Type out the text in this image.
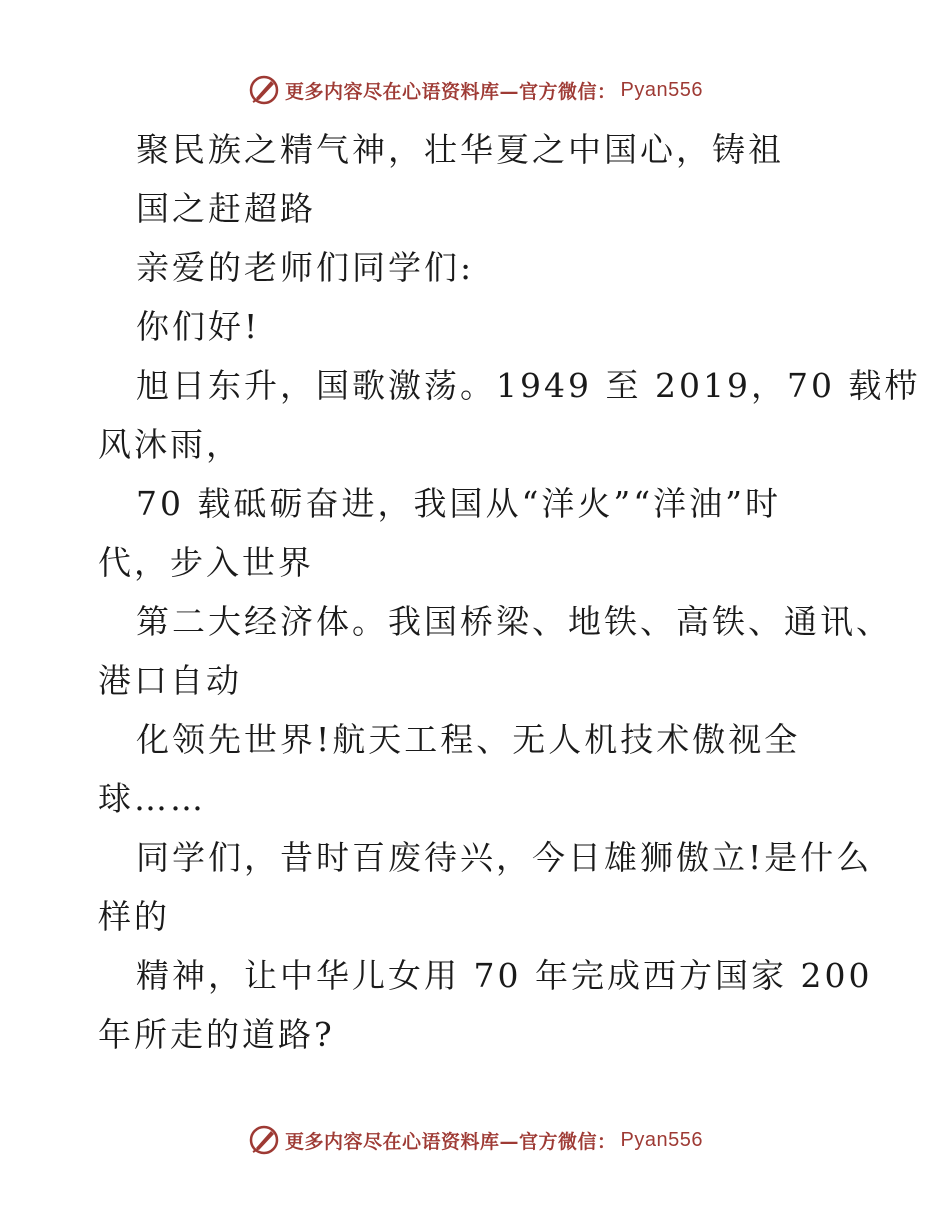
更多内容尽在心语资料库—官方微信： Pyan556
聚民族之精气神，壮华夏之中国心，铸祖
国之赶超路
亲爱的老师们同学们:
你们好!
旭日东升，国歌激荡。1949 至 2019，70 载栉
风沐雨，
70 载砥砺奋进，我国从“洋火”“洋油”时
代，步入世界
第二大经济体。我国桥梁、地铁、高铁、通讯、
港口自动
化领先世界!航天工程、无人机技术傲视全
球……
同学们，昔时百废待兴，今日雄狮傲立!是什么
样的
精神，让中华儿女用 70 年完成西方国家 200
年所走的道路?
更多内容尽在心语资料库—官方微信： Pyan556
